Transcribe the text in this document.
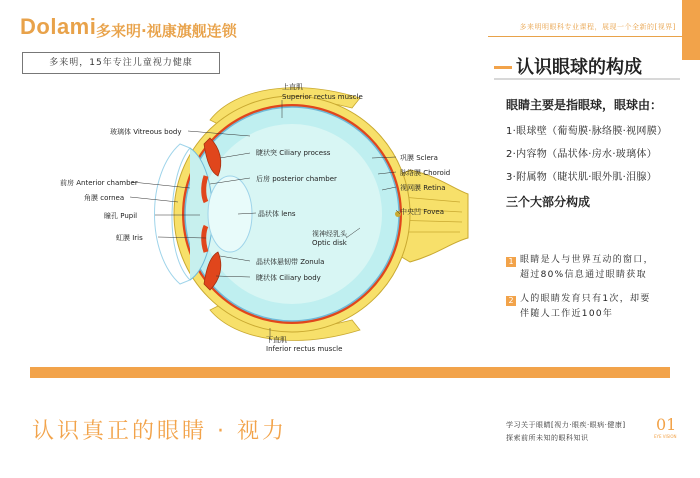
Dolami 多来明·视康旗舰连锁
多来明，15年专注儿童视力健康
多来明明眼科专业课程，展现一个全新的[视界]
上直肌
Superior rectus muscle
玻璃体 Vitreous body
睫状突 Ciliary process
后房 posterior chamber
前房 Anterior chamber
角膜 cornea
瞳孔 Pupil
虹膜 Iris
晶状体 lens
晶状体悬韧带 Zonula
睫状体 Ciliary body
巩膜 Sclera
脉络膜 Choroid
视网膜 Retina
中央凹 Fovea
视神经乳头
Optic disk
下直肌
Inferior rectus muscle
认识眼球的构成
眼睛主要是指眼球，眼球由：
1·眼球壁（葡萄膜·脉络膜·视网膜）
2·内容物（晶状体·房水·玻璃体）
3·附属物（睫状肌·眼外肌·泪腺）
三个大部分构成
1 眼睛是人与世界互动的窗口，
超过80%信息通过眼睛获取
2 人的眼睛发育只有1次，却要
伴随人工作近100年
认识真正的眼睛 · 视力	学习关于眼睛[视力·眼疾·眼病·健康]
探索前所未知的眼科知识
01
EYE VISION
